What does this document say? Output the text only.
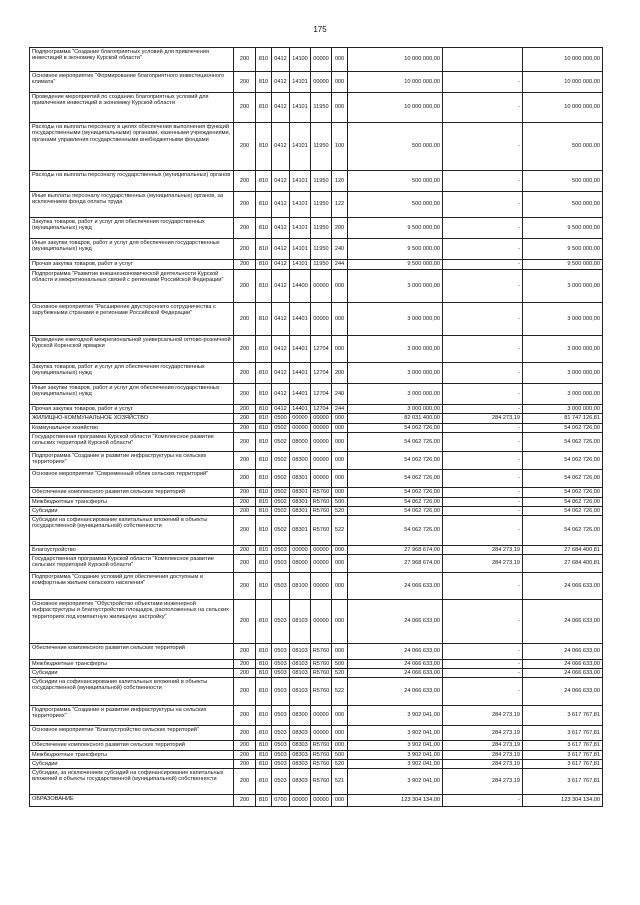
175
Подпрограмма "Создание благоприятных условий для привлечения инвестиций в экономику Курской области"	200	810	0412	14100	00000	000	10 000 000,00		10 000 000,00
Основное мероприятие "Формирование благоприятного инвестиционного климата"	200	810	0412	14101	00000	000	10 000 000,00	-	10 000 000,00
Проведение мероприятий по созданию благоприятных условий для привлечения инвестиций в экономику Курской области	200	810	0412	14101	11950	000	10 000 000,00	-	10 000 000,00
Расходы на выплаты персоналу в целях обеспечения выполнения функций государственными (муниципальными) органами, казенными учреждениями, органами управления государственными внебюджетными фондами	200	810	0412	14101	11950	100	500 000,00	-	500 000,00
Расходы на выплаты персоналу государственных (муниципальных) органов	200	810	0412	14101	11950	120	500 000,00	-	500 000,00
Иные выплаты персоналу государственных (муниципальных) органов, за исключением фонда оплаты труда	200	810	0412	14101	11950	122	500 000,00	-	500 000,00
Закупка товаров, работ и услуг для обеспечения государственных (муниципальных) нужд	200	810	0412	14101	11950	200	9 500 000,00	-	9 500 000,00
Иные закупки товаров, работ и услуг для обеспечения государственных (муниципальных) нужд	200	810	0412	14101	11950	240	9 500 000,00	-	9 500 000,00
Прочая закупка товаров, работ и услуг	200	810	0412	14101	11950	244	9 500 000,00	-	9 500 000,00
Подпрограмма "Развитие внешнеэкономической деятельности Курской области и межрегиональных связей с регионами Российской Федерации"	200	810	0412	14400	00000	000	3 000 000,00	-	3 000 000,00
Основное мероприятие "Расширение двустороннего сотрудничества с зарубежными странами и регионами Российской Федерации"	200	810	0412	14401	00000	000	3 000 000,00	-	3 000 000,00
Проведение ежегодной межрегиональной универсальной оптово-розничной Курской Коренской ярмарки	200	810	0412	14401	12704	000	3 000 000,00	-	3 000 000,00
Закупка товаров, работ и услуг для обеспечения государственных (муниципальных) нужд	200	810	0412	14401	12704	200	3 000 000,00	-	3 000 000,00
Иные закупки товаров, работ и услуг для обеспечения государственных (муниципальных) нужд	200	810	0412	14401	12704	240	3 000 000,00	-	3 000 000,00
Прочая закупка товаров, работ и услуг	200	810	0412	14401	12704	244	3 000 000,00	-	3 000 000,00
ЖИЛИЩНО-КОММУНАЛЬНОЕ ХОЗЯЙСТВО	200	810	0500	00000	00000	000	82 031 400,00	284 273,19	81 747 126,81
Коммунальное хозяйство	200	810	0502	00000	00000	000	54 062 726,00	-	54 062 726,00
Государственная программа Курской области "Комплексное развитие сельских территорий Курской области"	200	810	0502	08000	00000	000	54 062 726,00	-	54 062 726,00
Подпрограмма "Создание и развитие инфраструктуры на сельских территориях"	200	810	0502	08300	00000	000	54 062 726,00	-	54 062 726,00
Основное мероприятие "Современный облик сельских территорий"	200	810	0502	08301	00000	000	54 062 726,00	-	54 062 726,00
Обеспечение комплексного развития сельских территорий	200	810	0502	08301	R5760	000	54 062 726,00	-	54 062 726,00
Межбюджетные трансферты	200	810	0502	08301	R5760	500	54 062 726,00	-	54 062 726,00
Субсидии	200	810	0502	08301	R5760	520	54 062 726,00	-	54 062 726,00
Субсидии на софинансирование капитальных вложений в объекты государственной (муниципальной) собственности	200	810	0502	08301	R5760	522	54 062 726,00	-	54 062 726,00
Благоустройство	200	810	0503	00000	00000	000	27 968 674,00	284 273,19	27 684 400,81
Государственная программа Курской области "Комплексное развитие сельских территорий Курской области"	200	810	0503	08000	00000	000	27 968 674,00	284 273,19	27 684 400,81
Подпрограмма "Создание условий для обеспечения доступным и комфортным жильем сельского населения"	200	810	0503	08100	00000	000	24 066 633,00	-	24 066 633,00
Основное мероприятие "Обустройство объектами инженерной инфраструктуры и благоустройство площадок, расположенных на сельских территориях под компактную жилищную застройку"	200	810	0503	08103	00000	000	24 066 633,00	-	24 066 633,00
Обеспечение комплексного развития сельских территорий	200	810	0503	08103	R5760	000	24 066 633,00	-	24 066 633,00
Межбюджетные трансферты	200	810	0503	08103	R5760	500	24 066 633,00	-	24 066 633,00
Субсидии	200	810	0503	08103	R5760	520	24 066 633,00	-	24 066 633,00
Субсидии на софинансирование капитальных вложений в объекты государственной (муниципальной) собственности	200	810	0503	08103	R5760	522	24 066 633,00	-	24 066 633,00
Подпрограмма "Создание и развитие инфраструктуры на сельских территориях"	200	810	0503	08300	00000	000	3 902 041,00	284 273,19	3 617 767,81
Основное мероприятие "Благоустройство сельских территорий"	200	810	0503	08303	00000	000	3 902 041,00	284 273,19	3 617 767,81
Обеспечение комплексного развития сельских территорий	200	810	0503	08303	R5760	000	3 902 041,00	284 273,19	3 617 767,81
Межбюджетные трансферты	200	810	0503	08303	R5760	500	3 902 041,00	284 273,19	3 617 767,81
Субсидии	200	810	0503	08303	R5760	520	3 902 041,00	284 273,19	3 617 767,81
Субсидии, за исключением субсидий на софинансирование капитальных вложений в объекты государственной (муниципальной) собственности	200	810	0503	08303	R5760	521	3 902 041,00	284 273,19	3 617 767,81
ОБРАЗОВАНИЕ	200	810	0700	00000	00000	000	123 304 134,00	-	123 304 134,00
